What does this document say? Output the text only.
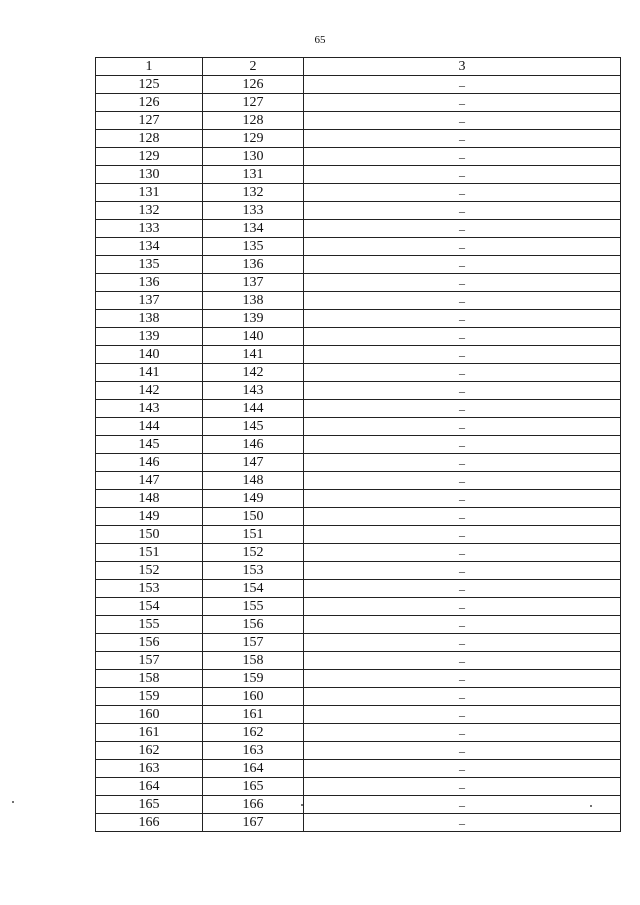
65
1	2	3
125	126	–
126	127	–
127	128	–
128	129	–
129	130	–
130	131	–
131	132	–
132	133	–
133	134	–
134	135	–
135	136	–
136	137	–
137	138	–
138	139	–
139	140	–
140	141	–
141	142	–
142	143	–
143	144	–
144	145	–
145	146	–
146	147	–
147	148	–
148	149	–
149	150	–
150	151	–
151	152	–
152	153	–
153	154	–
154	155	–
155	156	–
156	157	–
157	158	–
158	159	–
159	160	–
160	161	–
161	162	–
162	163	–
163	164	–
164	165	–
165	166	–
166	167	–
